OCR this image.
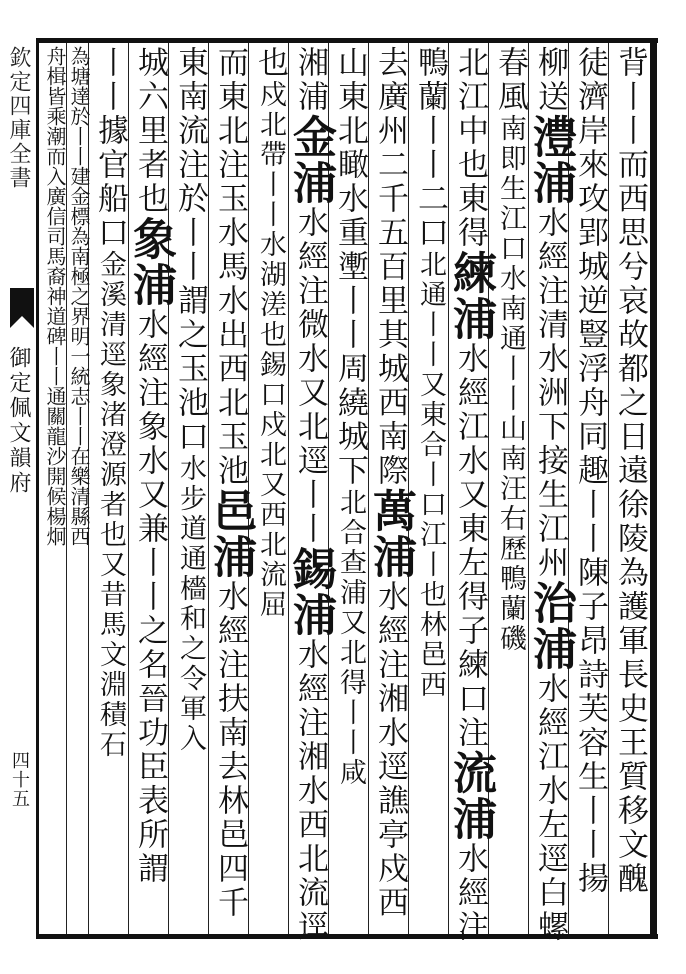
背丨丨而西思兮哀故都之日遠徐陵為護軍長史王質移文醜
徒濟岸來攻郢城逆豎浮舟同趣丨丨陳子昂詩芙容生丨丨揚
柳送澧浦水經注清水洲下接生江州治浦水經江水左逕白螺
春風南即生江口水南通丨丨山南汪右歷鴨蘭磯
北江中也東得練浦水經江水又東左得子練口注流浦水經注
鴨蘭丨丨二口北通丨丨又東合丨口江丨也林邑西
去廣州二千五百里其城西南際萬浦水經注湘水逕譙亭戍西
山東北瞰水重壍丨丨周繞城下北合查浦又北得丨丨咸
湘浦金浦水經注微水又北逕丨丨錫浦水經注湘水西北流逕
也戍北帶丨丨水湖溠也錫口戍北又西北流屈
而東北注玉水馬水出西北玉池邑浦水經注扶南去林邑四千
東南流注於丨丨謂之玉池口水步道通檣和之令軍入
城六里者也象浦水經注象水又兼丨丨之名晉功臣表所謂
丨丨據官船口金溪清逕象渚澄源者也又昔馬文淵積石
為塘達於丨丨建金標為南極之界明一統志丨丨在樂清縣西
舟楫皆乘潮而入廣信司馬裔神道碑丨丨通關龍沙開候楊炯
欽定四庫全書
御定佩文韻府
四十五
